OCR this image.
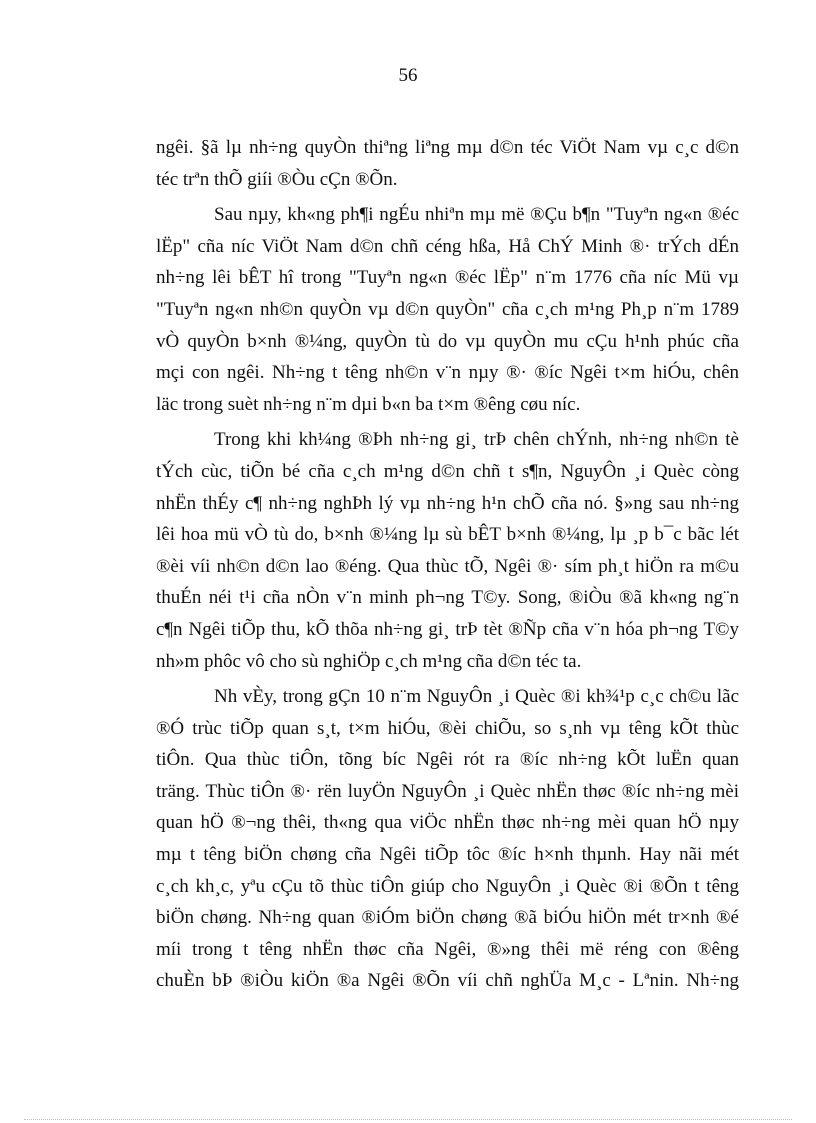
56

ngêi. §ã lµ nh÷ng quyÒn thiªng liªng mµ d©n téc ViÖt Nam vµ c¸c d©n
téc trªn thÕ giíi ®Òu cÇn ®Õn.

Sau nµy, kh«ng ph¶i ngÉu nhiªn mµ më ®Çu b¶n "Tuyªn ng«n ®éc
lËp" cña níc ViÖt Nam d©n chñ céng hßa, Hå ChÝ Minh ®· trÝch dÉn
nh÷ng lêi bÊT hî trong "Tuyªn ng«n ®éc lËp" n¨m 1776 cña níc Mü vµ
"Tuyªn ng«n nh©n quyÒn vµ d©n quyÒn" cña c¸ch m¹ng Ph¸p n¨m 1789
vÒ quyÒn b×nh ®¼ng, quyÒn tù do vµ quyÒn mu cÇu h¹nh phúc cña
mçi con ngêi. Nh÷ng t têng nh©n v¨n nµy ®· ®íc Ngêi t×m hiÓu, chên
läc trong suèt nh÷ng n¨m dµi b«n ba t×m ®êng cøu níc.

Trong khi kh¼ng ®Þh nh÷ng gi¸ trÞ chên chÝnh, nh÷ng nh©n tè
tÝch cùc, tiÕn bé cña c¸ch m¹ng d©n chñ t s¶n, NguyÔn ¸i Quèc còng
nhËn thÉy c¶ nh÷ng nghÞh lý vµ nh÷ng h¹n chÕ cña nó. §»ng sau nh÷ng
lêi hoa mü vÒ tù do, b×nh ®¼ng lµ sù bÊT b×nh ®¼ng, lµ ¸p b¯c bãc lét
®èi víi nh©n d©n lao ®éng. Qua thùc tÕ, Ngêi ®· sím ph¸t hiÖn ra m©u
thuÉn néi t¹i cña nÒn v¨n minh ph¬ng T©y. Song, ®iÒu ®ã kh«ng ng¨n
c¶n Ngêi tiÕp thu, kÕ thõa nh÷ng gi¸ trÞ tèt ®Ñp cña v¨n hóa ph¬ng T©y
nh»m phôc vô cho sù nghiÖp c¸ch m¹ng cña d©n téc ta.

Nh vÈy, trong gÇn 10 n¨m NguyÔn ¸i Quèc ®i kh¾¹p c¸c ch©u lãc
®Ó trùc tiÕp quan s¸t, t×m hiÓu, ®èi chiÕu, so s¸nh vµ têng kÕt thùc
tiÔn. Qua thùc tiÔn, tõng bíc Ngêi rót ra ®íc nh÷ng kÕt luËn quan
träng. Thùc tiÔn ®· rën luyÖn NguyÔn ¸i Quèc nhËn thøc ®íc nh÷ng mèi
quan hÖ ®¬ng thêi, th«ng qua viÖc nhËn thøc nh÷ng mèi quan hÖ nµy
mµ t têng biÖn chøng cña Ngêi tiÕp tôc ®íc h×nh thµnh. Hay nãi mét
c¸ch kh¸c, yªu cÇu tõ thùc tiÔn giúp cho NguyÔn ¸i Quèc ®i ®Õn t têng
biÖn chøng. Nh÷ng quan ®iÓm biÖn chøng ®ã biÓu hiÖn mét tr×nh ®é
míi trong t têng nhËn thøc cña Ngêi, ®»ng thêi më réng con ®êng
chuÈn bÞ ®iÒu kiÖn ®a Ngêi ®Õn víi chñ nghÜa M¸c - Lªnin. Nh÷ng
